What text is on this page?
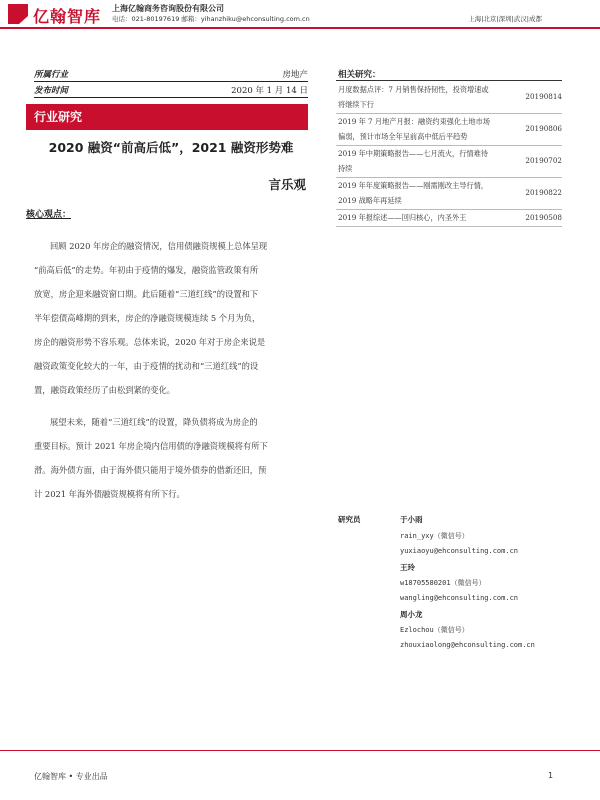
亿翰智库 上海亿翰商务咨询股份有限公司
电话：021-80197619 邮箱：yihanzhiku@ehconsulting.com.cn	上海|北京|深圳|武汉|成都
所属行业	房地产
发布时间	2020 年 1 月 14 日
行业研究
2020 融资“前高后低”，2021 融资形势难
言乐观
核心观点：
回顾 2020 年房企的融资情况，信用债融资规模上总体呈现
“前高后低”的走势。年初由于疫情的爆发，融资监管政策有所
放宽，房企迎来融资窗口期。此后随着“三道红线”的设置和下
半年偿债高峰期的到来，房企的净融资规模连续 5 个月为负，
房企的融资形势不容乐观。总体来说，2020 年对于房企来说是
融资政策变化较大的一年，由于疫情的扰动和“三道红线”的设
置，融资政策经历了由松到紧的变化。
展望未来，随着“三道红线”的设置，降负债将成为房企的
重要目标。预计 2021 年房企境内信用债的净融资规模将有所下
滑。海外债方面，由于海外债只能用于境外债券的借新还旧，预
计 2021 年海外债融资规模将有所下行。
相关研究：
月度数据点评：7 月销售保持韧性，投资增速或
将继续下行
20190814
2019 年 7 月地产月报：融资约束强化土地市场
偏弱，预计市场全年呈前高中低后平趋势
20190806
2019 年中期策略报告——七月流火，行情难待
持续
20190702
2019 年年度策略报告——刚需刚改主导行情，
2019 战略年再延续
20190822
2019 年报综述——回归核心，内圣外王	20190508
研究员	于小雨
rain_yxy（微信号）
yuxiaoyu@ehconsulting.com.cn
王玲
w18705580201（微信号）
wangling@ehconsulting.com.cn
周小龙
Ezlochou（微信号）
zhouxiaolong@ehconsulting.com.cn
亿翰智库 • 专业出品	1
